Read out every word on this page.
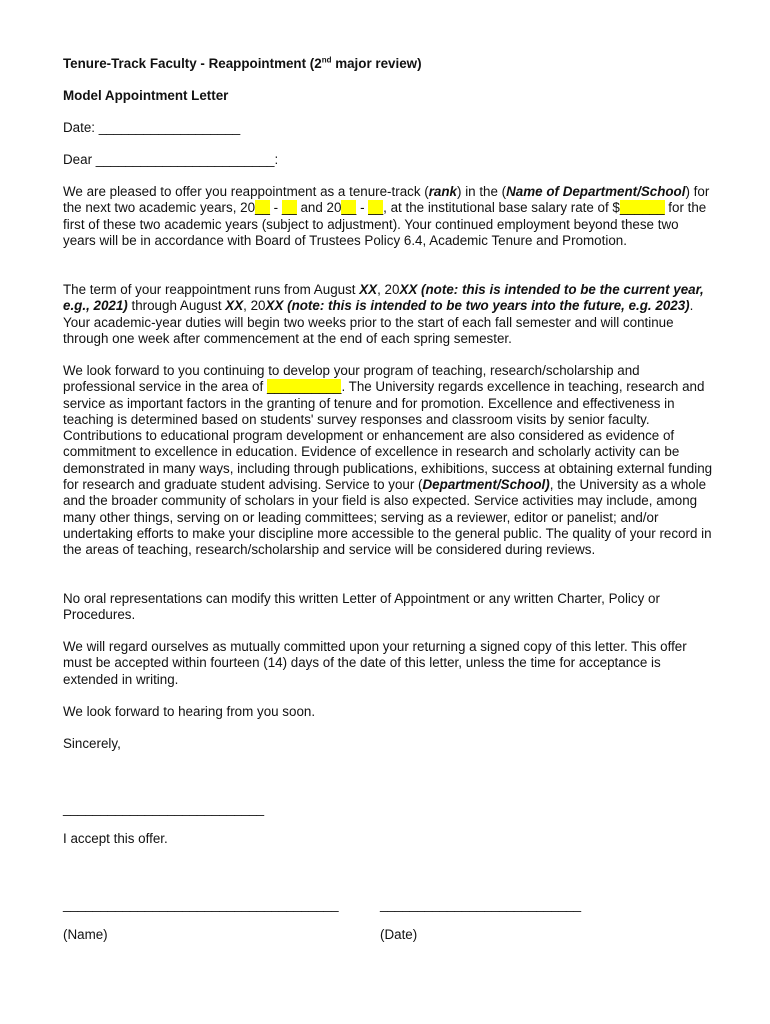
Tenure-Track Faculty - Reappointment (2nd major review)
Model Appointment Letter
Date: ___________________
Dear ________________________:

We are pleased to offer you reappointment as a tenure-track (rank) in the (Name of Department/School) for the next two academic years, 20__ - __ and 20__ - __, at the institutional base salary rate of $______ for the first of these two academic years (subject to adjustment). Your continued employment beyond these two years will be in accordance with Board of Trustees Policy 6.4, Academic Tenure and Promotion.

The term of your reappointment runs from August XX, 20XX (note: this is intended to be the current year, e.g., 2021) through August XX, 20XX (note: this is intended to be two years into the future, e.g. 2023). Your academic-year duties will begin two weeks prior to the start of each fall semester and will continue through one week after commencement at the end of each spring semester.

We look forward to you continuing to develop your program of teaching, research/scholarship and professional service in the area of __________. The University regards excellence in teaching, research and service as important factors in the granting of tenure and for promotion. Excellence and effectiveness in teaching is determined based on students' survey responses and classroom visits by senior faculty. Contributions to educational program development or enhancement are also considered as evidence of commitment to excellence in education. Evidence of excellence in research and scholarly activity can be demonstrated in many ways, including through publications, exhibitions, success at obtaining external funding for research and graduate student advising. Service to your (Department/School), the University as a whole and the broader community of scholars in your field is also expected. Service activities may include, among many other things, serving on or leading committees; serving as a reviewer, editor or panelist; and/or undertaking efforts to make your discipline more accessible to the general public. The quality of your record in the areas of teaching, research/scholarship and service will be considered during reviews.

No oral representations can modify this written Letter of Appointment or any written Charter, Policy or Procedures.

We will regard ourselves as mutually committed upon your returning a signed copy of this letter. This offer must be accepted within fourteen (14) days of the date of this letter, unless the time for acceptance is extended in writing.

We look forward to hearing from you soon.

Sincerely,
___________________________
I accept this offer.
_____________________________________	___________________________
(Name)	(Date)
